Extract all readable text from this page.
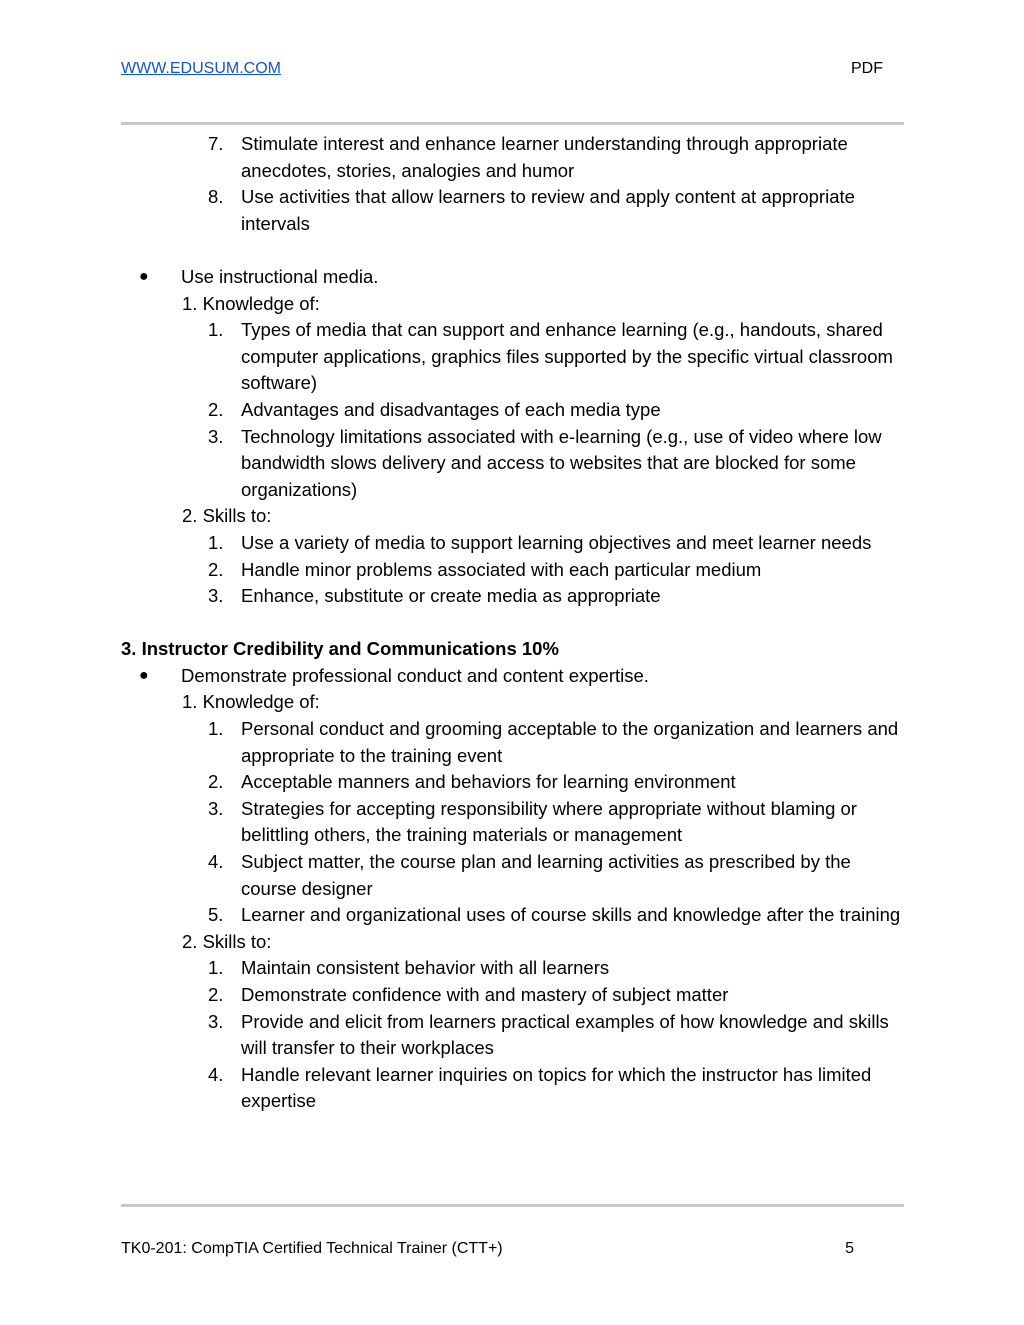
WWW.EDUSUM.COM	PDF
7. Stimulate interest and enhance learner understanding through appropriate anecdotes, stories, analogies and humor
8. Use activities that allow learners to review and apply content at appropriate intervals
● Use instructional media.
1. Knowledge of:
1. Types of media that can support and enhance learning (e.g., handouts, shared computer applications, graphics files supported by the specific virtual classroom software)
2. Advantages and disadvantages of each media type
3. Technology limitations associated with e-learning (e.g., use of video where low bandwidth slows delivery and access to websites that are blocked for some organizations)
2. Skills to:
1. Use a variety of media to support learning objectives and meet learner needs
2. Handle minor problems associated with each particular medium
3. Enhance, substitute or create media as appropriate
3. Instructor Credibility and Communications 10%
● Demonstrate professional conduct and content expertise.
1. Knowledge of:
1. Personal conduct and grooming acceptable to the organization and learners and appropriate to the training event
2. Acceptable manners and behaviors for learning environment
3. Strategies for accepting responsibility where appropriate without blaming or belittling others, the training materials or management
4. Subject matter, the course plan and learning activities as prescribed by the course designer
5. Learner and organizational uses of course skills and knowledge after the training
2. Skills to:
1. Maintain consistent behavior with all learners
2. Demonstrate confidence with and mastery of subject matter
3. Provide and elicit from learners practical examples of how knowledge and skills will transfer to their workplaces
4. Handle relevant learner inquiries on topics for which the instructor has limited expertise
TK0-201: CompTIA Certified Technical Trainer (CTT+)	5
